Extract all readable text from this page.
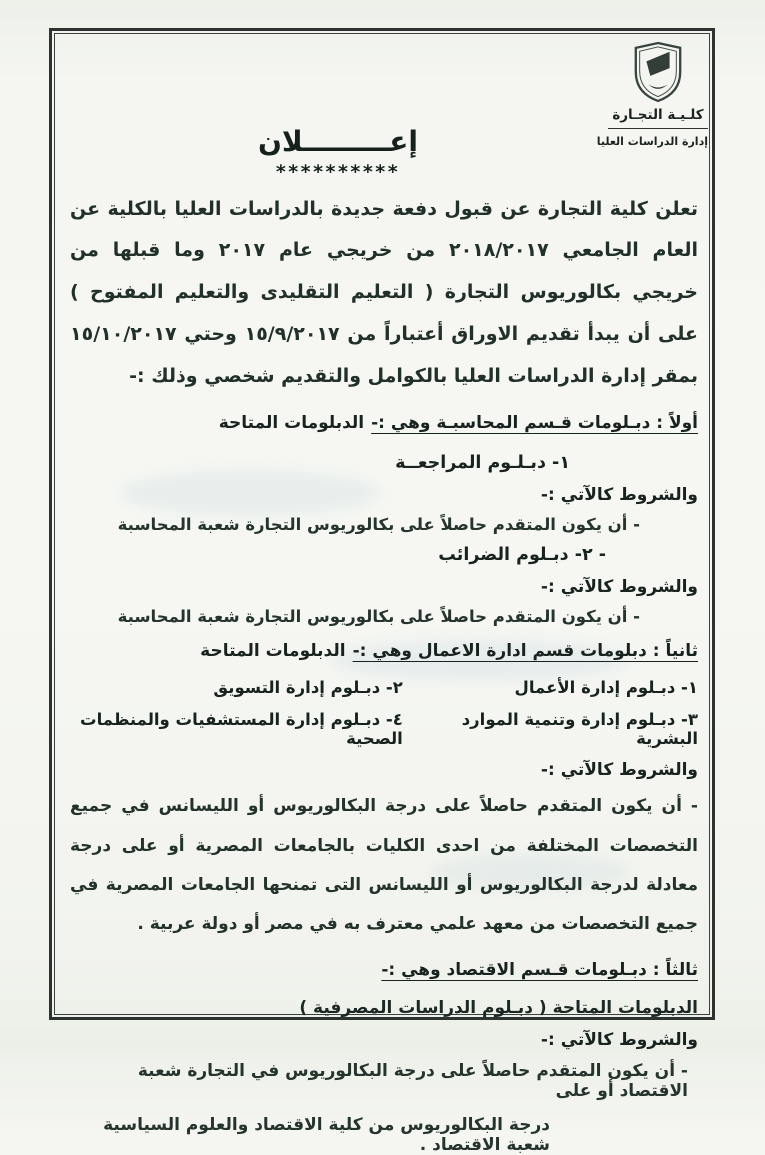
كلـيـة التجـارة
إدارة الدراسات العليا
إعـــــــــلان
**********
تعلن كلية التجارة عن قبول دفعة جديدة بالدراسات العليا بالكلية عن العام الجامعي ٢٠١٨/٢٠١٧ من خريجي عام ٢٠١٧ وما قبلها من خريجي بكالوريوس التجارة ( التعليم التقليدى والتعليم المفتوح ) على أن يبدأ تقديم الاوراق أعتباراً من ١٥/٩/٢٠١٧ وحتي ١٥/١٠/٢٠١٧ بمقر إدارة الدراسات العليا بالكوامل والتقديم شخصي وذلك :-
أولاً : دبـلومات قـسم المحاسبـة وهي :-الدبلومات المتاحة
١- دبـلـوم المراجعــة
والشروط كالآتي :-
- أن يكون المتقدم حاصلاً على بكالوريوس التجارة شعبة المحاسبة
- ٢- دبـلوم الضرائب
والشروط كالآتي :-
- أن يكون المتقدم حاصلاً على بكالوريوس التجارة شعبة المحاسبة
ثانياً : دبلومات قسم ادارة الاعمال وهي :-الدبلومات المتاحة
١- دبـلوم إدارة الأعمال
٢- دبـلوم إدارة التسويق
٣- دبـلوم إدارة وتنمية الموارد البشرية
٤- دبـلوم إدارة المستشفيات والمنظمات الصحية
والشروط كالآتي :-
- أن يكون المتقدم حاصلاً على درجة البكالوريوس أو الليسانس في جميع التخصصات المختلفة من احدى الكليات بالجامعات المصرية أو على درجة معادلة لدرجة البكالوريوس أو الليسانس التى تمنحها الجامعات المصرية في جميع التخصصات من معهد علمي معترف به في مصر أو دولة عربية .
ثالثاً : دبـلومات قـسم الاقتصاد وهي :-
الدبلومات المتاحة ( دبـلوم الدراسات المصرفية )
والشروط كالآتي :-
- أن يكون المتقدم حاصلاً على درجة البكالوريوس في التجارة شعبة الاقتصاد أو على
درجة البكالوريوس من كلية الاقتصاد والعلوم السياسية شعبة الاقتصاد .
